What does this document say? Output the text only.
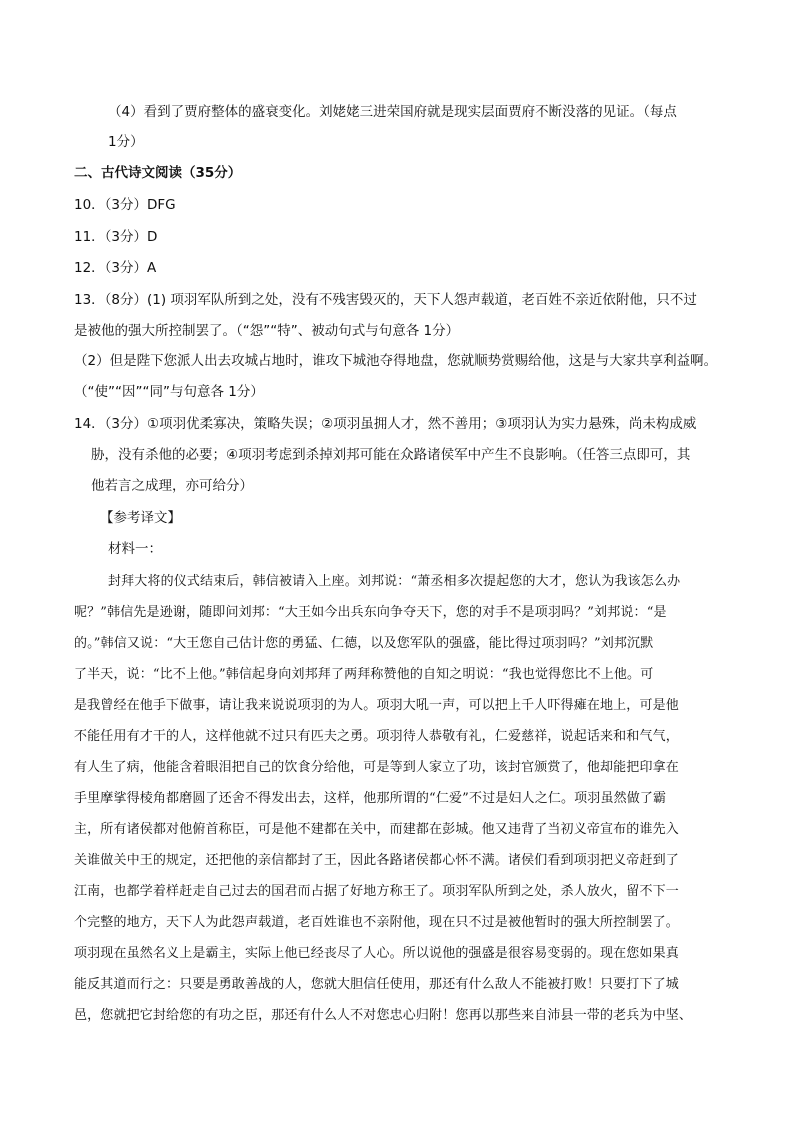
（4）看到了贾府整体的盛衰变化。刘姥姥三进荣国府就是现实层面贾府不断没落的见证。（每点
1分）
二、古代诗文阅读（35分）
10．（3分）DFG
11．（3分）D
12．（3分）A
13．（8分）(1) 项羽军队所到之处，没有不残害毁灭的，天下人怨声载道，老百姓不亲近依附他，只不过
是被他的强大所控制罢了。（“怨”“特”、被动句式与句意各 1分）
（2）但是陛下您派人出去攻城占地时，谁攻下城池夺得地盘，您就顺势赏赐给他，这是与大家共享利益啊。
（“使”“因”“同”与句意各 1分）
14．（3分）①项羽优柔寡决，策略失误；②项羽虽拥人才，然不善用；③项羽认为实力悬殊，尚未构成威
胁，没有杀他的必要；④项羽考虑到杀掉刘邦可能在众路诸侯军中产生不良影响。（任答三点即可，其
他若言之成理，亦可给分）
【参考译文】
材料一：
封拜大将的仪式结束后，韩信被请入上座。刘邦说：“萧丞相多次提起您的大才，您认为我该怎么办
呢？”韩信先是逊谢，随即问刘邦：“大王如今出兵东向争夺天下，您的对手不是项羽吗？”刘邦说：“是
的。”韩信又说：“大王您自己估计您的勇猛、仁德，以及您军队的强盛，能比得过项羽吗？”刘邦沉默
了半天，说：“比不上他。”韩信起身向刘邦拜了两拜称赞他的自知之明说：“我也觉得您比不上他。可
是我曾经在他手下做事，请让我来说说项羽的为人。项羽大吼一声，可以把上千人吓得瘫在地上，可是他
不能任用有才干的人，这样他就不过只有匹夫之勇。项羽待人恭敬有礼，仁爱慈祥，说起话来和和气气，
有人生了病，他能含着眼泪把自己的饮食分给他，可是等到人家立了功，该封官颁赏了，他却能把印拿在
手里摩挲得棱角都磨圆了还舍不得发出去，这样，他那所谓的“仁爱”不过是妇人之仁。项羽虽然做了霸
主，所有诸侯都对他俯首称臣，可是他不建都在关中，而建都在彭城。他又违背了当初义帝宣布的谁先入
关谁做关中王的规定，还把他的亲信都封了王，因此各路诸侯都心怀不满。诸侯们看到项羽把义帝赶到了
江南，也都学着样赶走自己过去的国君而占据了好地方称王了。项羽军队所到之处，杀人放火，留不下一
个完整的地方，天下人为此怨声载道，老百姓谁也不亲附他，现在只不过是被他暂时的强大所控制罢了。
项羽现在虽然名义上是霸主，实际上他已经丧尽了人心。所以说他的强盛是很容易变弱的。现在您如果真
能反其道而行之：只要是勇敢善战的人，您就大胆信任使用，那还有什么敌人不能被打败！只要打下了城
邑，您就把它封给您的有功之臣，那还有什么人不对您忠心归附！您再以那些来自沛县一带的老兵为中坚、
